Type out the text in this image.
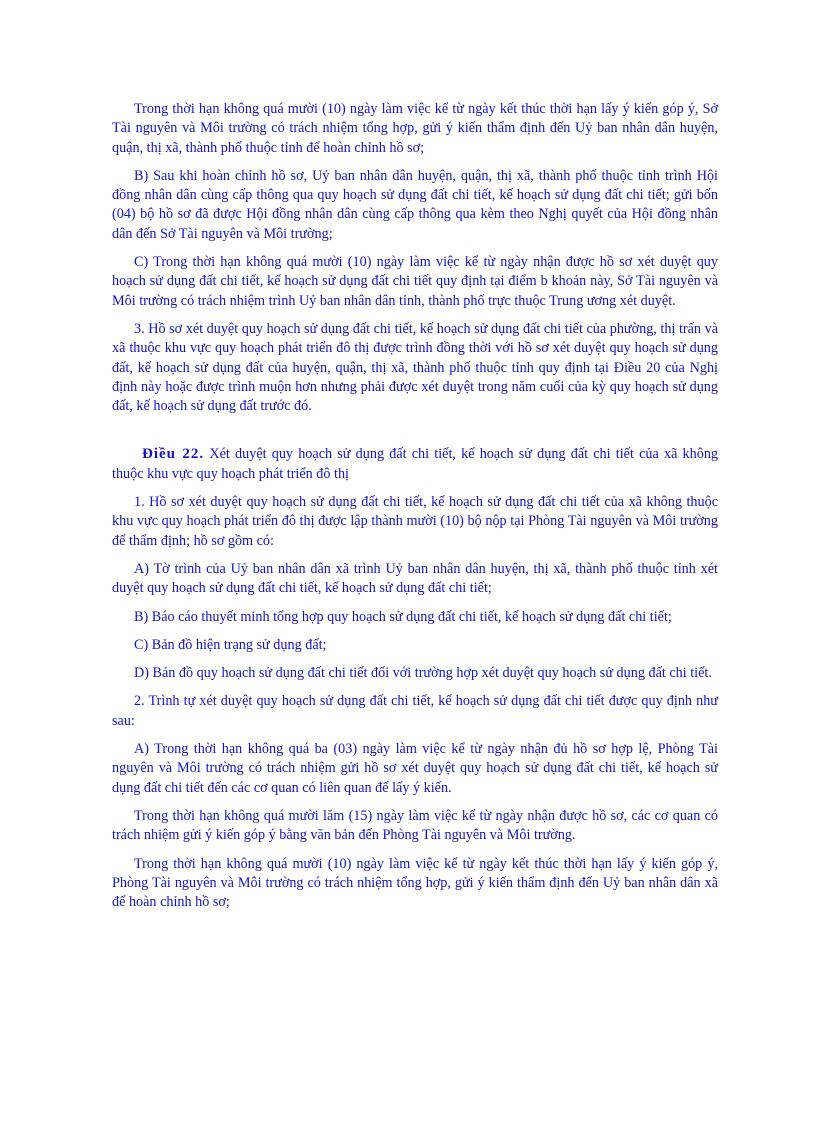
Trong thời hạn không quá mười (10) ngày làm việc kể từ ngày kết thúc thời hạn lấy ý kiến góp ý, Sở Tài nguyên và Môi trường có trách nhiệm tổng hợp, gửi ý kiến thẩm định đến Uỷ ban nhân dân huyện, quận, thị xã, thành phố thuộc tỉnh để hoàn chỉnh hồ sơ;

B) Sau khi hoàn chỉnh hồ sơ, Uỷ ban nhân dân huyện, quận, thị xã, thành phố thuộc tỉnh trình Hội đồng nhân dân cùng cấp thông qua quy hoạch sử dụng đất chi tiết, kế hoạch sử dụng đất chi tiết; gửi bốn (04) bộ hồ sơ đã được Hội đồng nhân dân cùng cấp thông qua kèm theo Nghị quyết của Hội đồng nhân dân đến Sở Tài nguyên và Môi trường;

C) Trong thời hạn không quá mười (10) ngày làm việc kể từ ngày nhận được hồ sơ xét duyệt quy hoạch sử dụng đất chi tiết, kế hoạch sử dụng đất chi tiết quy định tại điểm b khoản này, Sở Tài nguyên và Môi trường có trách nhiệm trình Uỷ ban nhân dân tỉnh, thành phố trực thuộc Trung ương xét duyệt.

3. Hồ sơ xét duyệt quy hoạch sử dụng đất chi tiết, kế hoạch sử dụng đất chi tiết của phường, thị trấn và xã thuộc khu vực quy hoạch phát triển đô thị được trình đồng thời với hồ sơ xét duyệt quy hoạch sử dụng đất, kế hoạch sử dụng đất của huyện, quận, thị xã, thành phố thuộc tỉnh quy định tại Điều 20 của Nghị định này hoặc được trình muộn hơn nhưng phải được xét duyệt trong năm cuối của kỳ quy hoạch sử dụng đất, kế hoạch sử dụng đất trước đó.

Điều 22. Xét duyệt quy hoạch sử dụng đất chi tiết, kế hoạch sử dụng đất chi tiết của xã không thuộc khu vực quy hoạch phát triển đô thị

1. Hồ sơ xét duyệt quy hoạch sử dụng đất chi tiết, kế hoạch sử dụng đất chi tiết của xã không thuộc khu vực quy hoạch phát triển đô thị được lập thành mười (10) bộ nộp tại Phòng Tài nguyên và Môi trường để thẩm định; hồ sơ gồm có:

A) Tờ trình của Uỷ ban nhân dân xã trình Uỷ ban nhân dân huyện, thị xã, thành phố thuộc tỉnh xét duyệt quy hoạch sử dụng đất chi tiết, kế hoạch sử dụng đất chi tiết;

B) Báo cáo thuyết minh tổng hợp quy hoạch sử dụng đất chi tiết, kế hoạch sử dụng đất chi tiết;

C) Bản đồ hiện trạng sử dụng đất;

D) Bản đồ quy hoạch sử dụng đất chi tiết đối với trường hợp xét duyệt quy hoạch sử dụng đất chi tiết.

2. Trình tự xét duyệt quy hoạch sử dụng đất chi tiết, kế hoạch sử dụng đất chi tiết được quy định như sau:

A) Trong thời hạn không quá ba (03) ngày làm việc kể từ ngày nhận đủ hồ sơ hợp lệ, Phòng Tài nguyên và Môi trường có trách nhiệm gửi hồ sơ xét duyệt quy hoạch sử dụng đất chi tiết, kế hoạch sử dụng đất chi tiết đến các cơ quan có liên quan để lấy ý kiến.

Trong thời hạn không quá mười lăm (15) ngày làm việc kể từ ngày nhận được hồ sơ, các cơ quan có trách nhiệm gửi ý kiến góp ý bằng văn bản đến Phòng Tài nguyên và Môi trường.

Trong thời hạn không quá mười (10) ngày làm việc kể từ ngày kết thúc thời hạn lấy ý kiến góp ý, Phòng Tài nguyên và Môi trường có trách nhiệm tổng hợp, gửi ý kiến thẩm định đến Uỷ ban nhân dân xã để hoàn chỉnh hồ sơ;
